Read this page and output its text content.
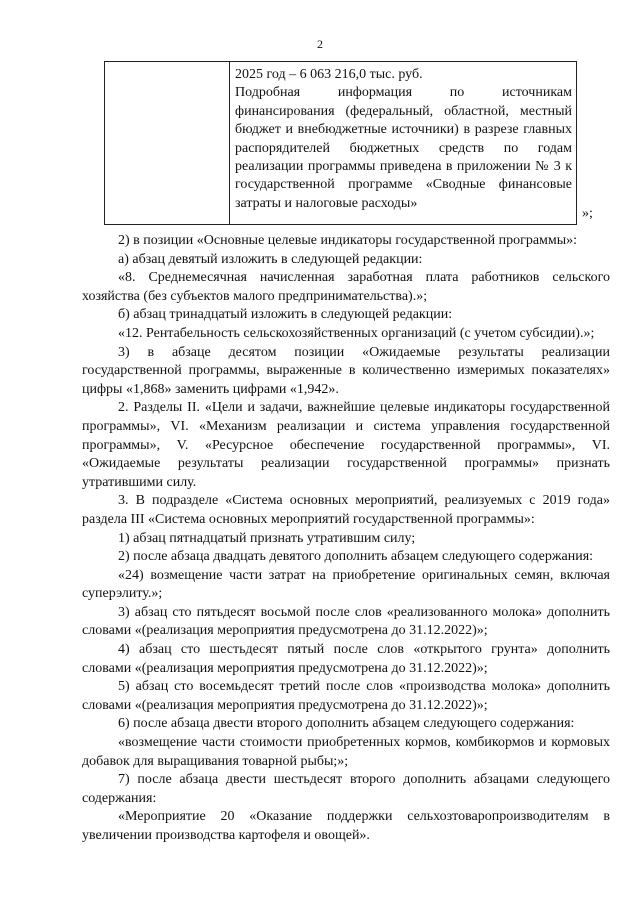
2

2025 год – 6 063 216,0 тыс. руб.

Подробная информация по источникам финансирования (федеральный, областной, местный бюджет и внебюджетные источники) в разрезе главных распорядителей бюджетных средств по годам реализации программы приведена в приложении № 3 к государственной программе «Сводные финансовые затраты и налоговые расходы»

»;

2) в позиции «Основные целевые индикаторы государственной программы»:

а) абзац девятый изложить в следующей редакции:

«8. Среднемесячная начисленная заработная плата работников сельского хозяйства (без субъектов малого предпринимательства).»;

б) абзац тринадцатый изложить в следующей редакции:

«12. Рентабельность сельскохозяйственных организаций (с учетом субсидии).»;

3) в абзаце десятом позиции «Ожидаемые результаты реализации государственной программы, выраженные в количественно измеримых показателях» цифры «1,868» заменить цифрами «1,942».

2. Разделы II. «Цели и задачи, важнейшие целевые индикаторы государственной программы», VI. «Механизм реализации и система управления государственной программы», V. «Ресурсное обеспечение государственной программы», VI. «Ожидаемые результаты реализации государственной программы» признать утратившими силу.

3. В подразделе «Система основных мероприятий, реализуемых с 2019 года» раздела III «Система основных мероприятий государственной программы»:

1) абзац пятнадцатый признать утратившим силу;

2) после абзаца двадцать девятого дополнить абзацем следующего содержания:

«24) возмещение части затрат на приобретение оригинальных семян, включая суперэлиту.»;

3) абзац сто пятьдесят восьмой после слов «реализованного молока» дополнить словами «(реализация мероприятия предусмотрена до 31.12.2022)»;

4) абзац сто шестьдесят пятый после слов «открытого грунта» дополнить словами «(реализация мероприятия предусмотрена до 31.12.2022)»;

5) абзац сто восемьдесят третий после слов «производства молока» дополнить словами «(реализация мероприятия предусмотрена до 31.12.2022)»;

6) после абзаца двести второго дополнить абзацем следующего содержания:

«возмещение части стоимости приобретенных кормов, комбикормов и кормовых добавок для выращивания товарной рыбы;»;

7) после абзаца двести шестьдесят второго дополнить абзацами следующего содержания:

«Мероприятие 20 «Оказание поддержки сельхозтоваропроизводителям в увеличении производства картофеля и овощей».
